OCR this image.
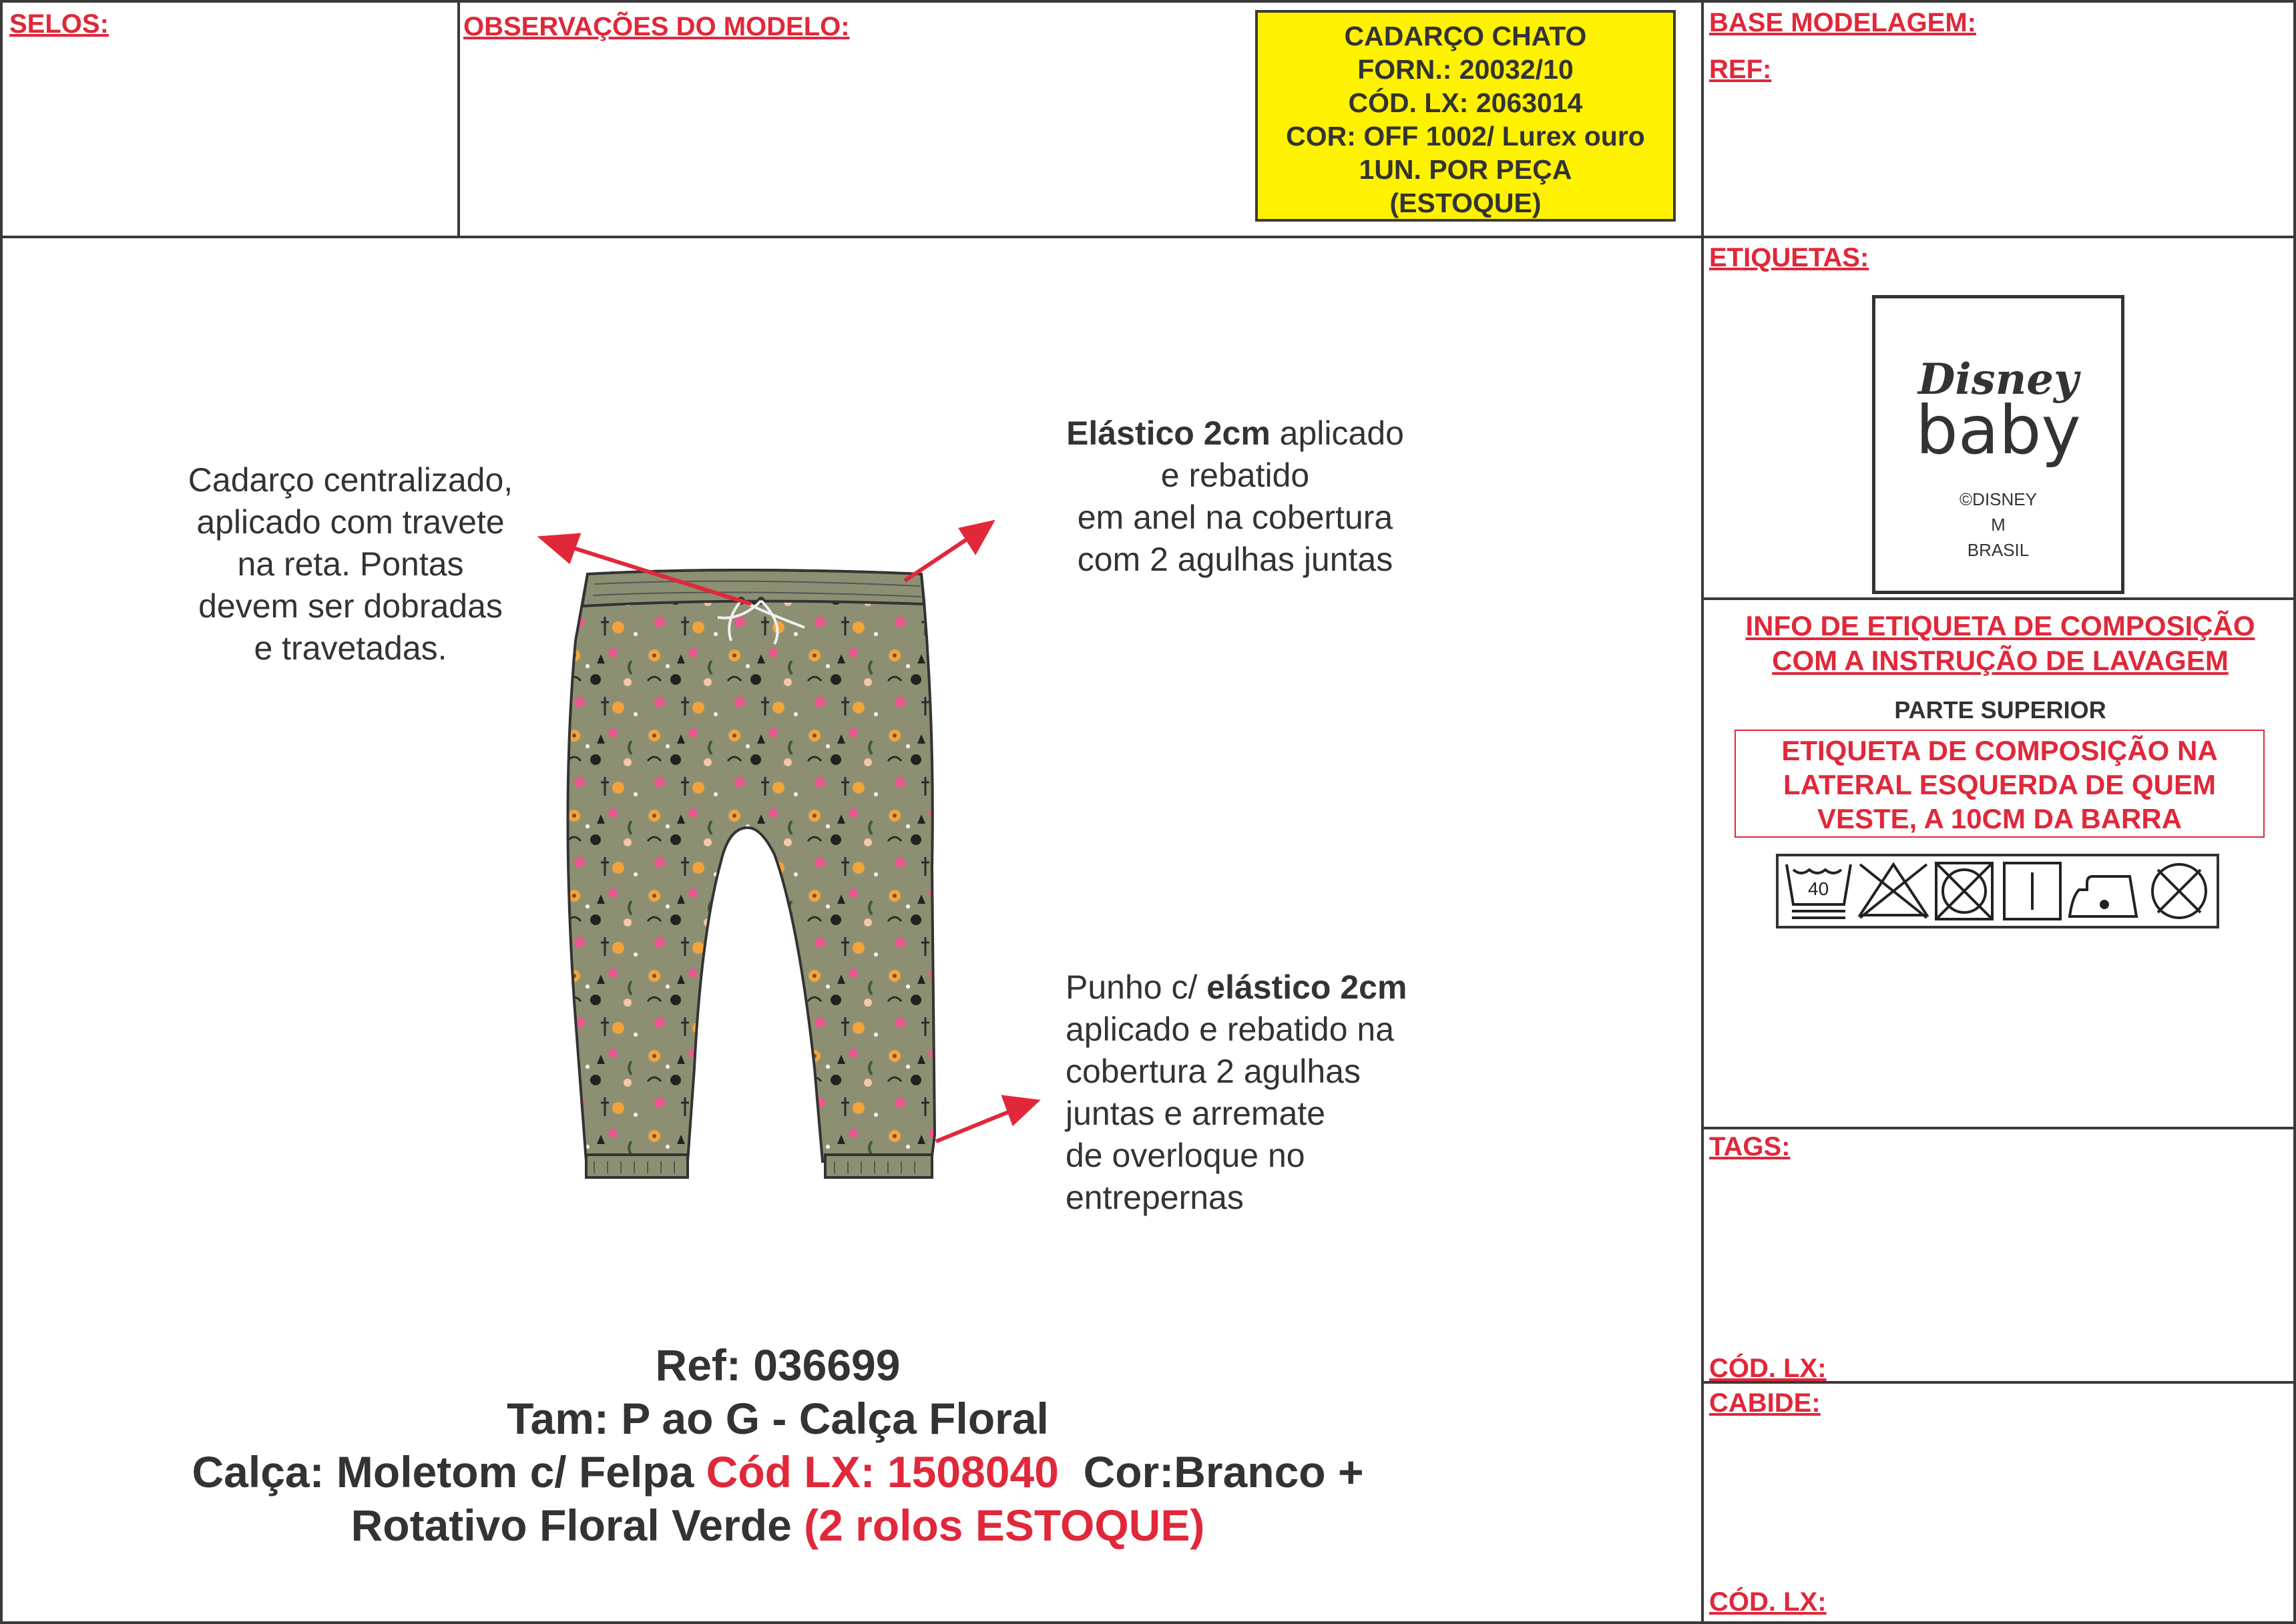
SELOS:	OBSERVAÇÕES DO MODELO:	BASE MODELAGEM:
REF:
CADARÇO CHATO
FORN.: 20032/10
CÓD. LX: 2063014
COR: OFF 1002/ Lurex ouro
1UN. POR PEÇA
(ESTOQUE)
Cadarço centralizado,
aplicado com travete
na reta. Pontas
devem ser dobradas
e travetadas.
Elástico 2cm aplicado
e rebatido
em anel na cobertura
com 2 agulhas juntas
Punho c/ elástico 2cm
aplicado e rebatido na
cobertura 2 agulhas
juntas e arremate
de overloque no
entrepernas
Ref: 036699
Tam: P ao G - Calça Floral
Calça: Moletom c/ Felpa Cód LX: 1508040  Cor:Branco +
Rotativo Floral Verde (2 rolos ESTOQUE)
ETIQUETAS:
Disney
baby
©DISNEY
M
BRASIL
INFO DE ETIQUETA DE COMPOSIÇÃO
COM A INSTRUÇÃO DE LAVAGEM
PARTE SUPERIOR
ETIQUETA DE COMPOSIÇÃO NA
LATERAL ESQUERDA DE QUEM
VESTE, A 10CM DA BARRA
40
TAGS:
CÓD. LX:
CABIDE:
CÓD. LX:
